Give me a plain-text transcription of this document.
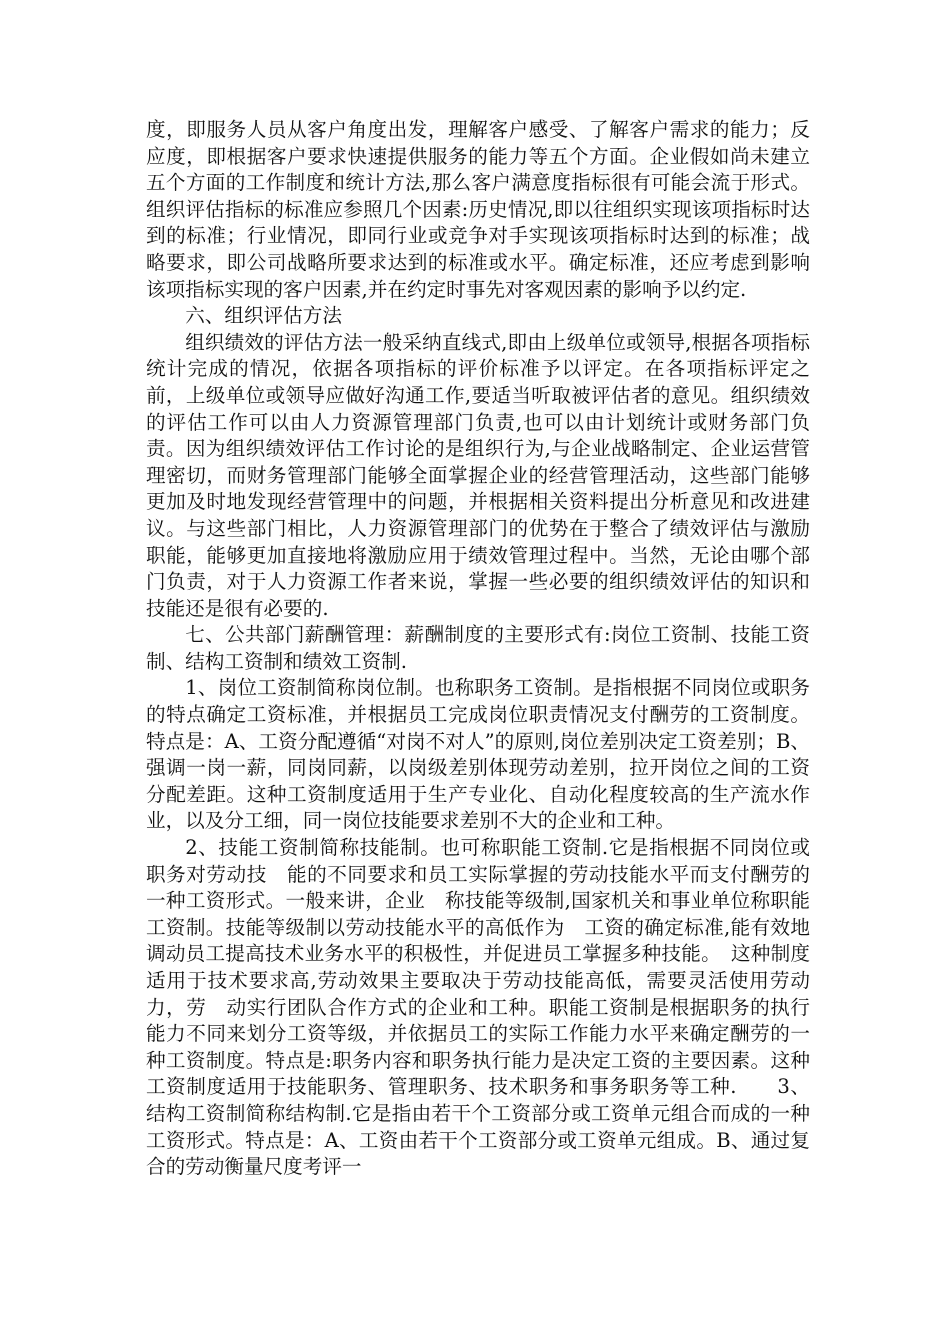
度，即服务人员从客户角度出发，理解客户感受、了解客户需求的能力；反应度，即根据客户要求快速提供服务的能力等五个方面。企业假如尚未建立五个方面的工作制度和统计方法,那么客户满意度指标很有可能会流于形式。组织评估指标的标准应参照几个因素:历史情况,即以往组织实现该项指标时达到的标准；行业情况，即同行业或竞争对手实现该项指标时达到的标准；战略要求，即公司战略所要求达到的标准或水平。确定标准，还应考虑到影响该项指标实现的客户因素,并在约定时事先对客观因素的影响予以约定.

六、组织评估方法

组织绩效的评估方法一般采纳直线式,即由上级单位或领导,根据各项指标统计完成的情况，依据各项指标的评价标准予以评定。在各项指标评定之前，上级单位或领导应做好沟通工作,要适当听取被评估者的意见。组织绩效的评估工作可以由人力资源管理部门负责,也可以由计划统计或财务部门负责。因为组织绩效评估工作讨论的是组织行为,与企业战略制定、企业运营管理密切，而财务管理部门能够全面掌握企业的经营管理活动，这些部门能够更加及时地发现经营管理中的问题，并根据相关资料提出分析意见和改进建议。与这些部门相比，人力资源管理部门的优势在于整合了绩效评估与激励职能，能够更加直接地将激励应用于绩效管理过程中。当然，无论由哪个部门负责，对于人力资源工作者来说，掌握一些必要的组织绩效评估的知识和技能还是很有必要的.

七、公共部门薪酬管理：薪酬制度的主要形式有:岗位工资制、技能工资制、结构工资制和绩效工资制.

1、岗位工资制简称岗位制。也称职务工资制。是指根据不同岗位或职务的特点确定工资标准，并根据员工完成岗位职责情况支付酬劳的工资制度。特点是：A、工资分配遵循“对岗不对人”的原则,岗位差别决定工资差别；B、强调一岗一薪，同岗同薪，以岗级差别体现劳动差别，拉开岗位之间的工资分配差距。这种工资制度适用于生产专业化、自动化程度较高的生产流水作业，以及分工细，同一岗位技能要求差别不大的企业和工种。

2、技能工资制简称技能制。也可称职能工资制.它是指根据不同岗位或职务对劳动技　能的不同要求和员工实际掌握的劳动技能水平而支付酬劳的一种工资形式。一般来讲，企业　称技能等级制,国家机关和事业单位称职能工资制。技能等级制以劳动技能水平的高低作为　工资的确定标准,能有效地调动员工提高技术业务水平的积极性，并促进员工掌握多种技能。　这种制度适用于技术要求高,劳动效果主要取决于劳动技能高低，需要灵活使用劳动力，劳　动实行团队合作方式的企业和工种。职能工资制是根据职务的执行能力不同来划分工资等级，并依据员工的实际工作能力水平来确定酬劳的一种工资制度。特点是:职务内容和职务执行能力是决定工资的主要因素。这种工资制度适用于技能职务、管理职务、技术职务和事务职务等工种.　　3、结构工资制简称结构制.它是指由若干个工资部分或工资单元组合而成的一种工资形式。特点是：A、工资由若干个工资部分或工资单元组成。B、通过复合的劳动衡量尺度考评一
